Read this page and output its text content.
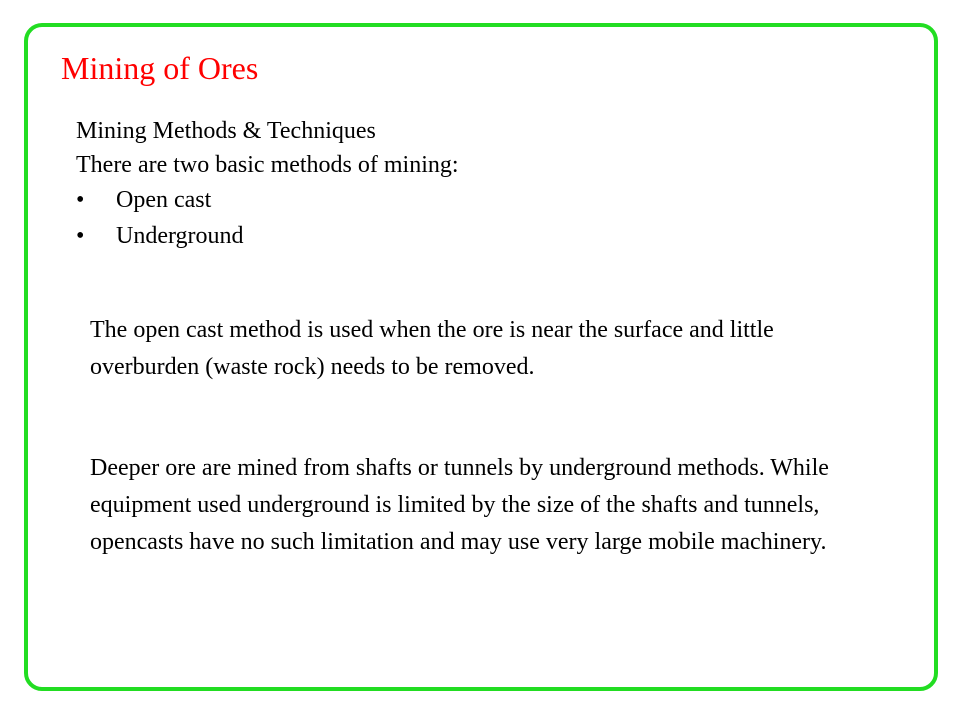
Mining of Ores
Mining Methods & Techniques
There are two basic methods of mining:
• Open cast
• Underground

The open cast method is used when the ore is near the surface and little overburden (waste rock) needs to be removed.

Deeper ore are mined from shafts or tunnels by underground methods. While equipment used underground is limited by the size of the shafts and tunnels, opencasts have no such limitation and may use very large mobile machinery.
